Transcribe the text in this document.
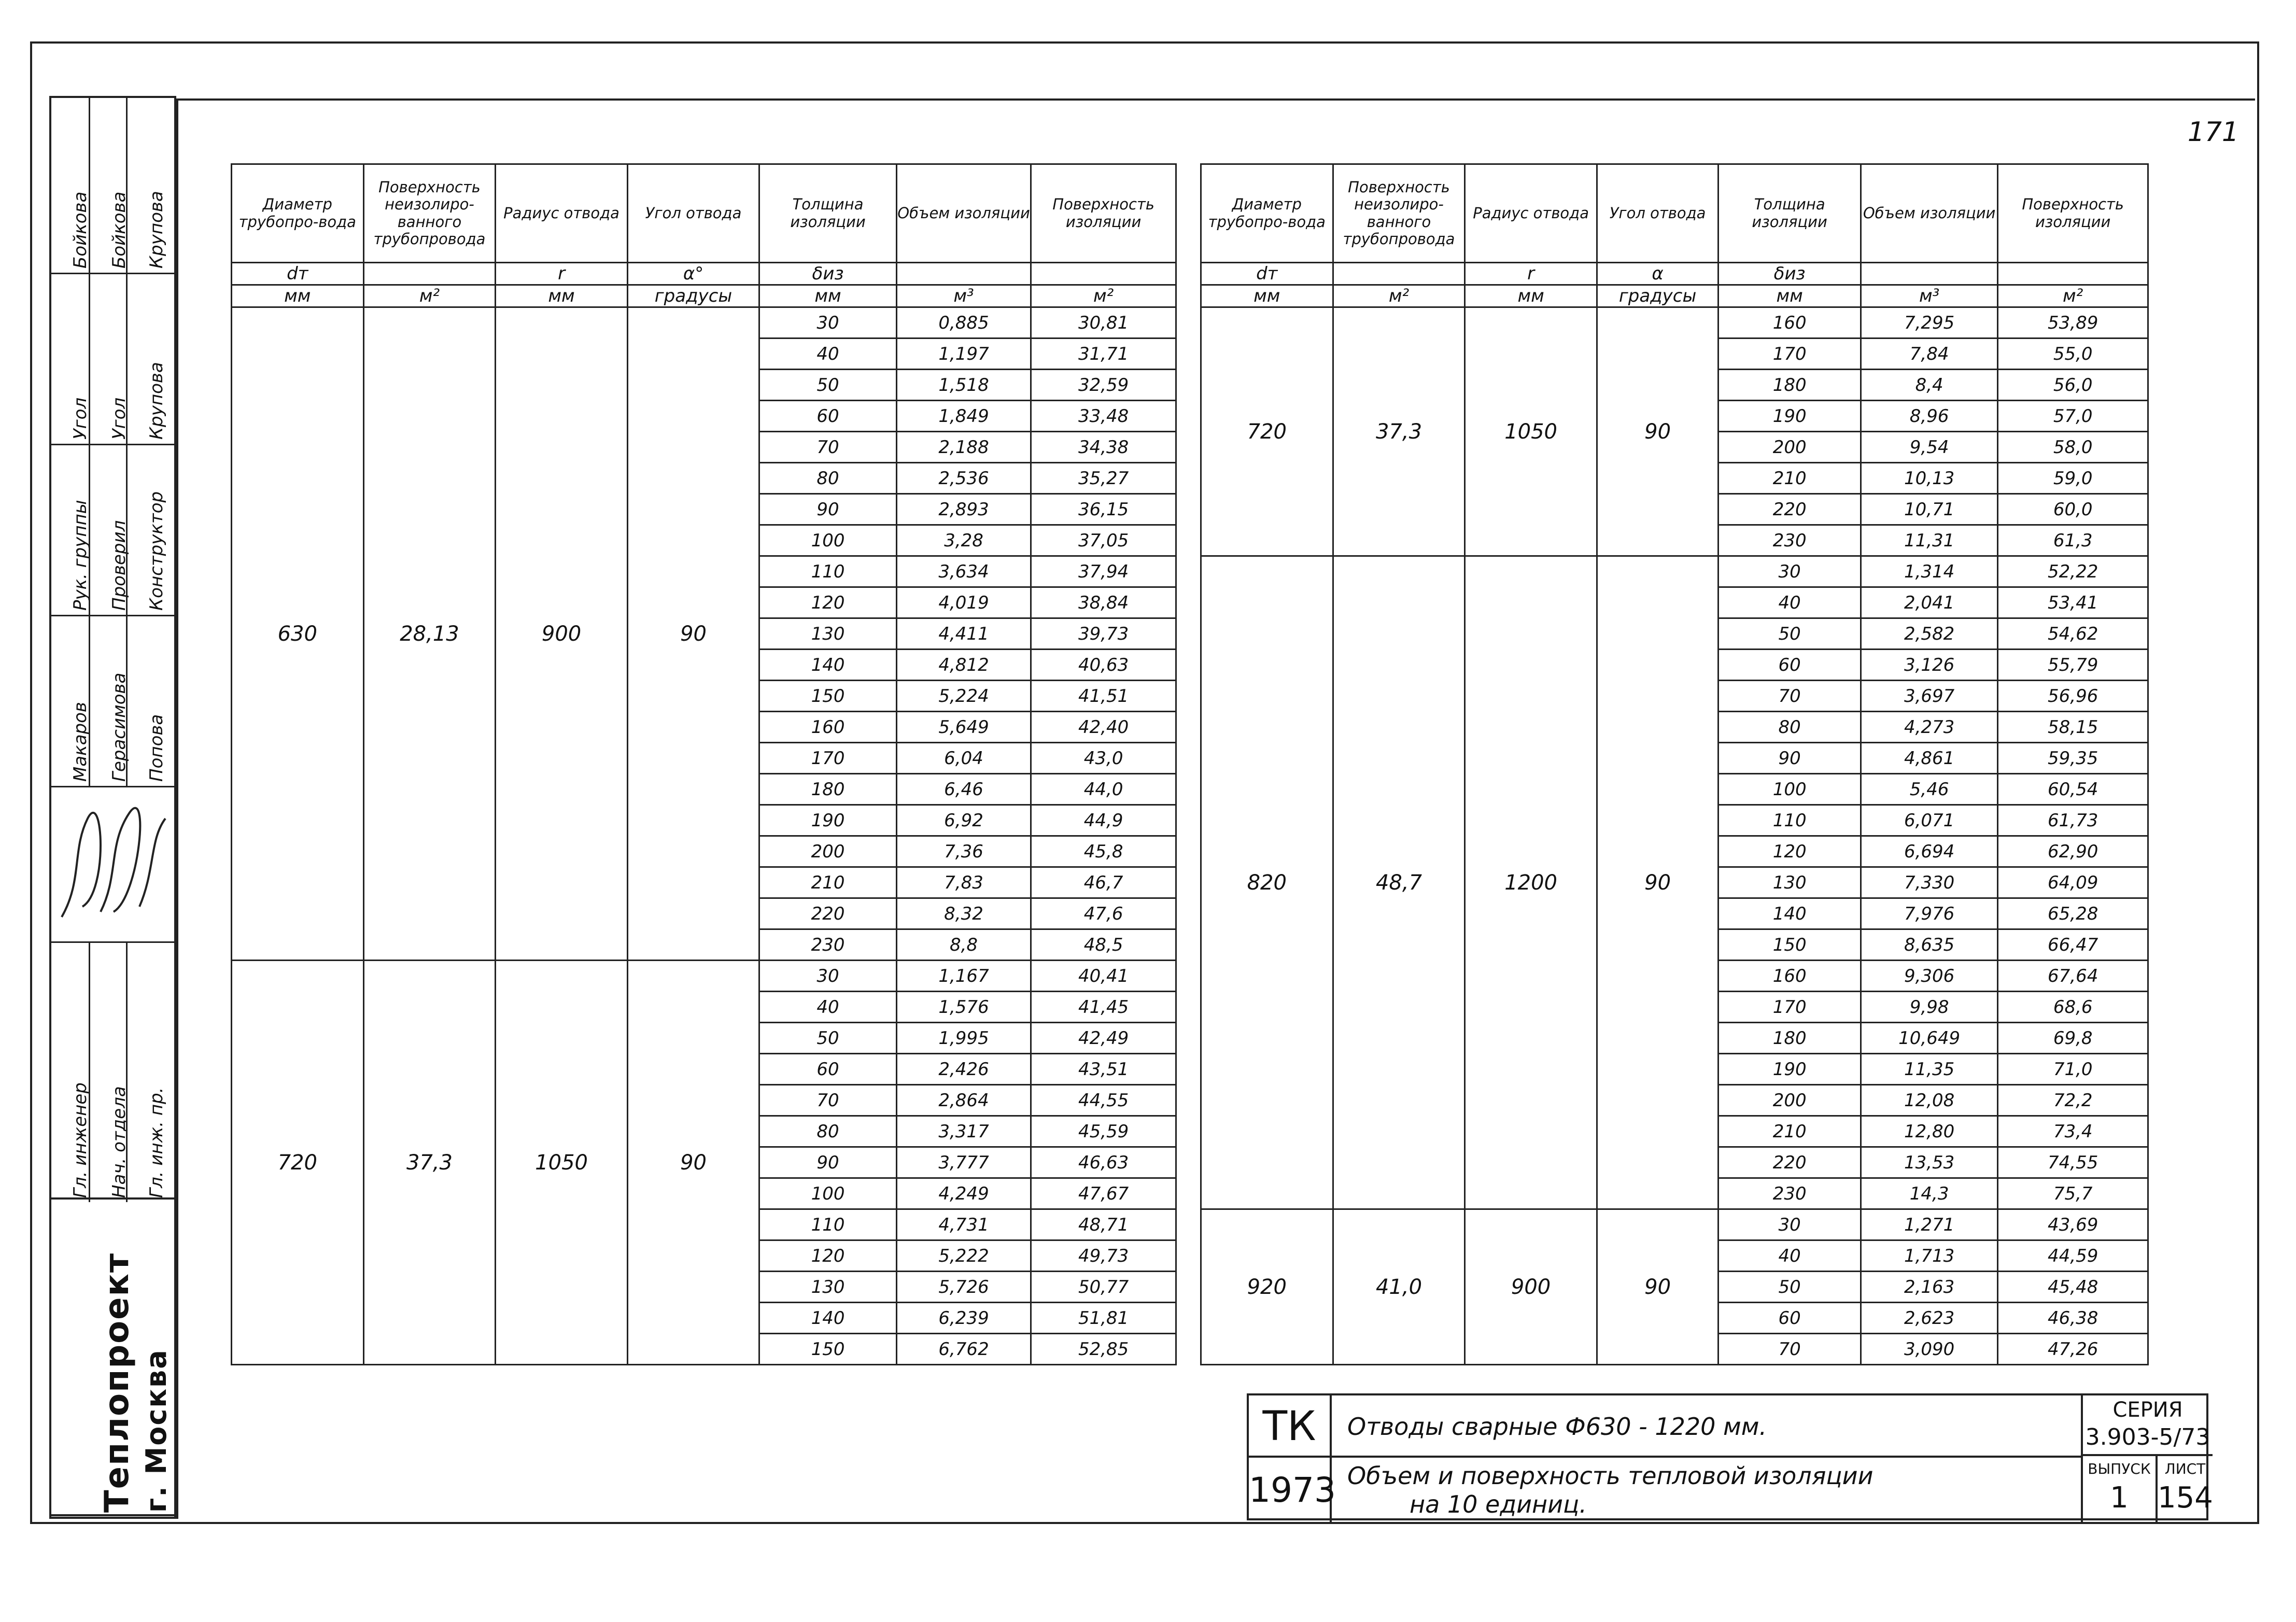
171
Бойкова Бойкова Крупова
Угол Угол Крупова
Рук. группы Проверил Конструктор
Макаров Герасимова Попова
Гл. инженер Нач. отдела Гл. инж. пр.
Теплопроект г. Москва
Диаметр трубопро-вода	Поверхность неизолиро-ванного трубопровода	Радиус отвода	Угол отвода	Толщина изоляции	Объем изоляции	Поверхность изоляции
dт		r	α°	δиз		
мм	м²	мм	градусы	мм	м³	м²
630	28,13	900	90	30	0,885	30,81
				40	1,197	31,71
				50	1,518	32,59
				60	1,849	33,48
				70	2,188	34,38
				80	2,536	35,27
				90	2,893	36,15
				100	3,28	37,05
				110	3,634	37,94
				120	4,019	38,84
				130	4,411	39,73
				140	4,812	40,63
				150	5,224	41,51
				160	5,649	42,40
				170	6,04	43,0
				180	6,46	44,0
				190	6,92	44,9
				200	7,36	45,8
				210	7,83	46,7
				220	8,32	47,6
				230	8,8	48,5
720	37,3	1050	90	30	1,167	40,41
				40	1,576	41,45
				50	1,995	42,49
				60	2,426	43,51
				70	2,864	44,55
				80	3,317	45,59
				90	3,777	46,63
				100	4,249	47,67
				110	4,731	48,71
				120	5,222	49,73
				130	5,726	50,77
				140	6,239	51,81
				150	6,762	52,85
Диаметр трубопро-вода	Поверхность неизолиро-ванного трубопровода	Радиус отвода	Угол отвода	Толщина изоляции	Объем изоляции	Поверхность изоляции
dт		r	α	δиз		
мм	м²	мм	градусы	мм	м³	м²
720	37,3	1050	90	160	7,295	53,89
				170	7,84	55,0
				180	8,4	56,0
				190	8,96	57,0
				200	9,54	58,0
				210	10,13	59,0
				220	10,71	60,0
				230	11,31	61,3
820	48,7	1200	90	30	1,314	52,22
				40	2,041	53,41
				50	2,582	54,62
				60	3,126	55,79
				70	3,697	56,96
				80	4,273	58,15
				90	4,861	59,35
				100	5,46	60,54
				110	6,071	61,73
				120	6,694	62,90
				130	7,330	64,09
				140	7,976	65,28
				150	8,635	66,47
				160	9,306	67,64
				170	9,98	68,6
				180	10,649	69,8
				190	11,35	71,0
				200	12,08	72,2
				210	12,80	73,4
				220	13,53	74,55
				230	14,3	75,7
920	41,0	900	90	30	1,271	43,69
				40	1,713	44,59
				50	2,163	45,48
				60	2,623	46,38
				70	3,090	47,26
ТК
1973
Отводы сварные Ф630 - 1220 мм.
Объем и поверхность тепловой изоляции
на 10 единиц.
СЕРИЯ
3.903-5/73
ВЫПУСК
1
ЛИСТ
154
